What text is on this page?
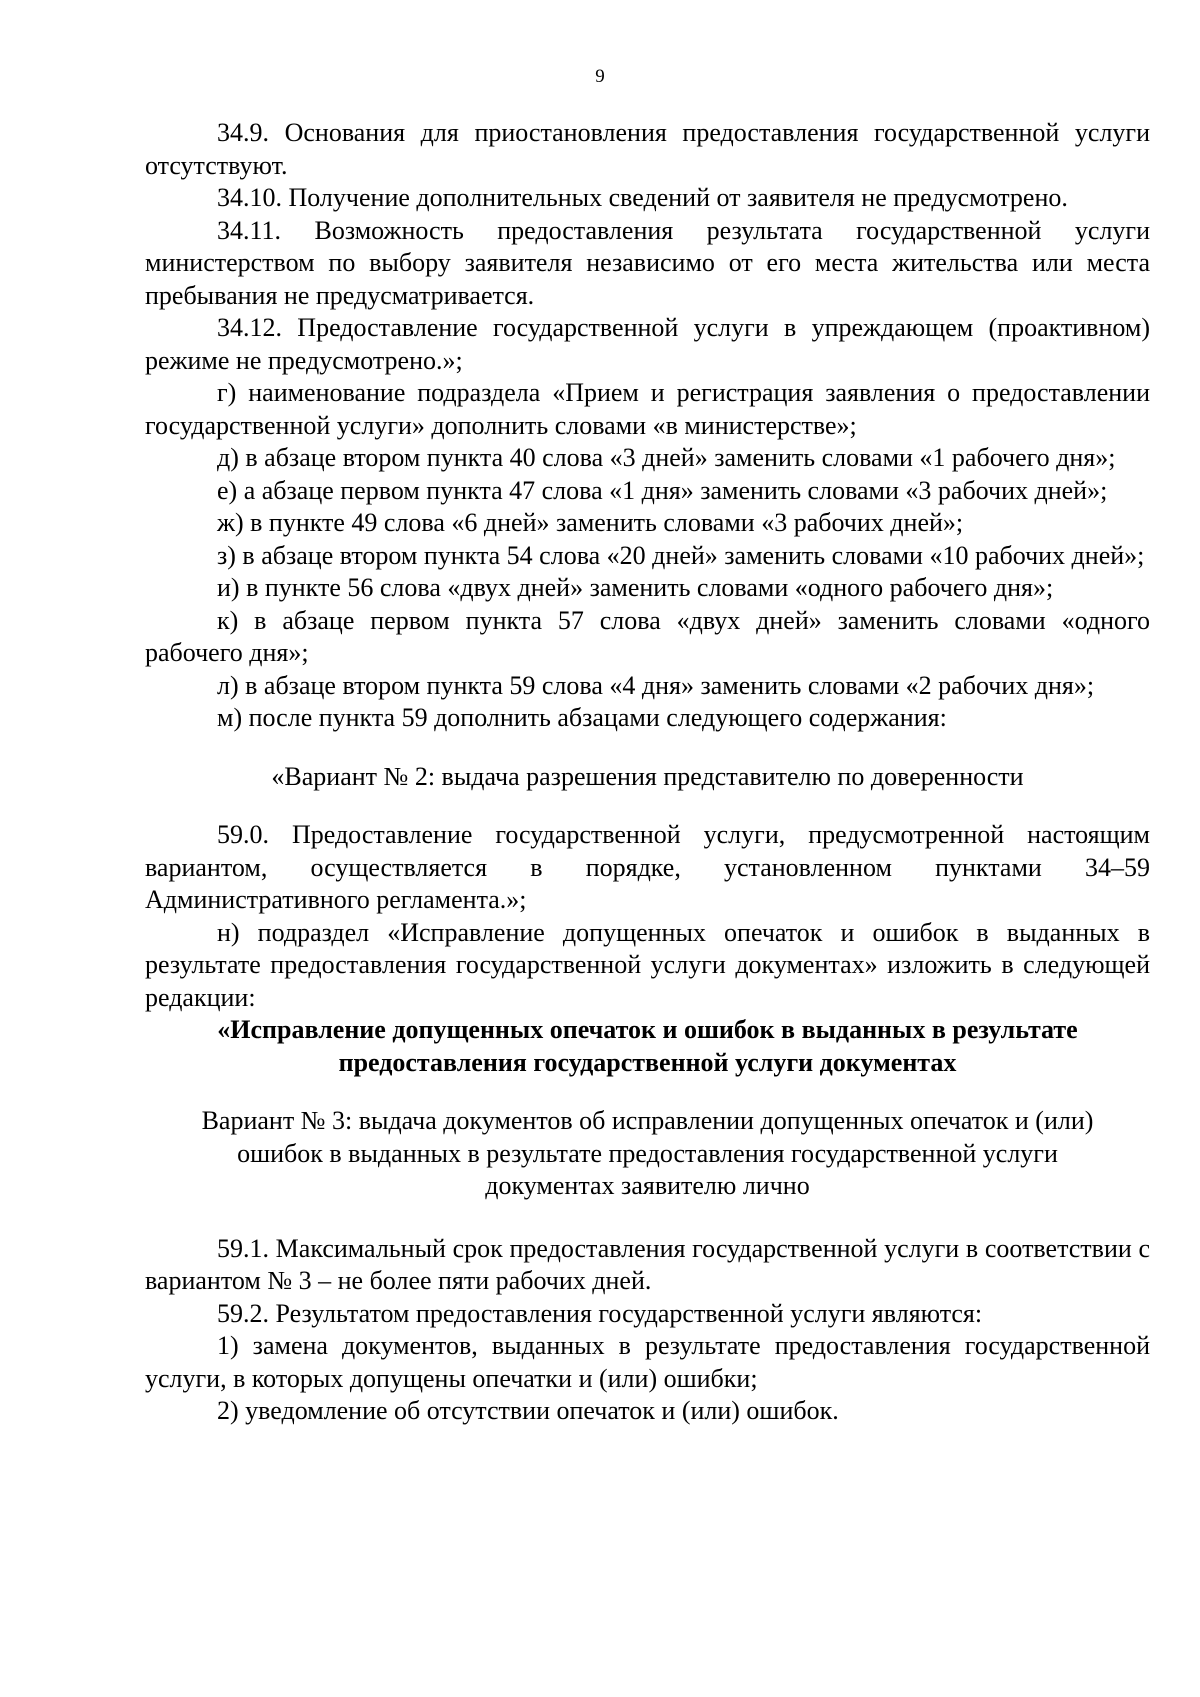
9

34.9. Основания для приостановления предоставления государственной услуги отсутствуют.

34.10. Получение дополнительных сведений от заявителя не предусмотрено.

34.11. Возможность предоставления результата государственной услуги министерством по выбору заявителя независимо от его места жительства или места пребывания не предусматривается.

34.12. Предоставление государственной услуги в упреждающем (проактивном) режиме не предусмотрено.»;

г) наименование подраздела «Прием и регистрация заявления о предоставлении государственной услуги» дополнить словами «в министерстве»;

д) в абзаце втором пункта 40 слова «3 дней» заменить словами «1 рабочего дня»;

е) а абзаце первом пункта 47 слова «1 дня» заменить словами «3 рабочих дней»;

ж) в пункте 49 слова «6 дней» заменить словами «3 рабочих дней»;

з) в абзаце втором пункта 54 слова «20 дней» заменить словами «10 рабочих дней»;

и) в пункте 56 слова «двух дней» заменить словами «одного рабочего дня»;

к) в абзаце первом пункта 57 слова «двух дней» заменить словами «одного рабочего дня»;

л) в абзаце втором пункта 59 слова «4 дня» заменить словами «2 рабочих дня»;

м) после пункта 59 дополнить абзацами следующего содержания:

«Вариант № 2: выдача разрешения представителю по доверенности

59.0. Предоставление государственной услуги, предусмотренной настоящим вариантом, осуществляется в порядке, установленном пунктами 34–59 Административного регламента.»;

н) подраздел «Исправление допущенных опечаток и ошибок в выданных в результате предоставления государственной услуги документах» изложить в следующей редакции:

«Исправление допущенных опечаток и ошибок в выданных в результате предоставления государственной услуги документах

Вариант № 3: выдача документов об исправлении допущенных опечаток и (или) ошибок в выданных в результате предоставления государственной услуги документах заявителю лично

59.1. Максимальный срок предоставления государственной услуги в соответствии с вариантом № 3 – не более пяти рабочих дней.

59.2. Результатом предоставления государственной услуги являются:

1) замена документов, выданных в результате предоставления государственной услуги, в которых допущены опечатки и (или) ошибки;

2) уведомление об отсутствии опечаток и (или) ошибок.
